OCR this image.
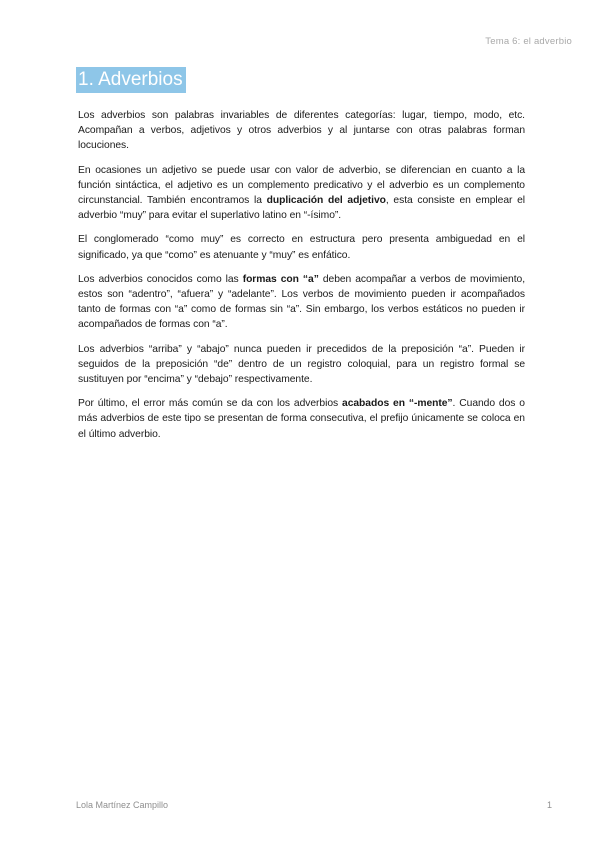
Tema 6: el adverbio
1. Adverbios

Los adverbios son palabras invariables de diferentes categorías: lugar, tiempo, modo, etc. Acompañan a verbos, adjetivos y otros adverbios y al juntarse con otras palabras forman locuciones.

En ocasiones un adjetivo se puede usar con valor de adverbio, se diferencian en cuanto a la función sintáctica, el adjetivo es un complemento predicativo y el adverbio es un complemento circunstancial. También encontramos la duplicación del adjetivo, esta consiste en emplear el adverbio “muy” para evitar el superlativo latino en “-ísimo”.

El conglomerado “como muy” es correcto en estructura pero presenta ambiguedad en el significado, ya que “como” es atenuante y “muy” es enfático.

Los adverbios conocidos como las formas con “a” deben acompañar a verbos de movimiento, estos son “adentro”, “afuera” y “adelante”. Los verbos de movimiento pueden ir acompañados tanto de formas con “a” como de formas sin “a”. Sin embargo, los verbos estáticos no pueden ir acompañados de formas con “a”.

Los adverbios “arriba” y “abajo” nunca pueden ir precedidos de la preposición “a”. Pueden ir seguidos de la preposición “de” dentro de un registro coloquial, para un registro formal se sustituyen por “encima” y “debajo” respectivamente.

Por último, el error más común se da con los adverbios acabados en “-mente”. Cuando dos o más adverbios de este tipo se presentan de forma consecutiva, el prefijo únicamente se coloca en el último adverbio.

Lola Martínez Campillo	1
